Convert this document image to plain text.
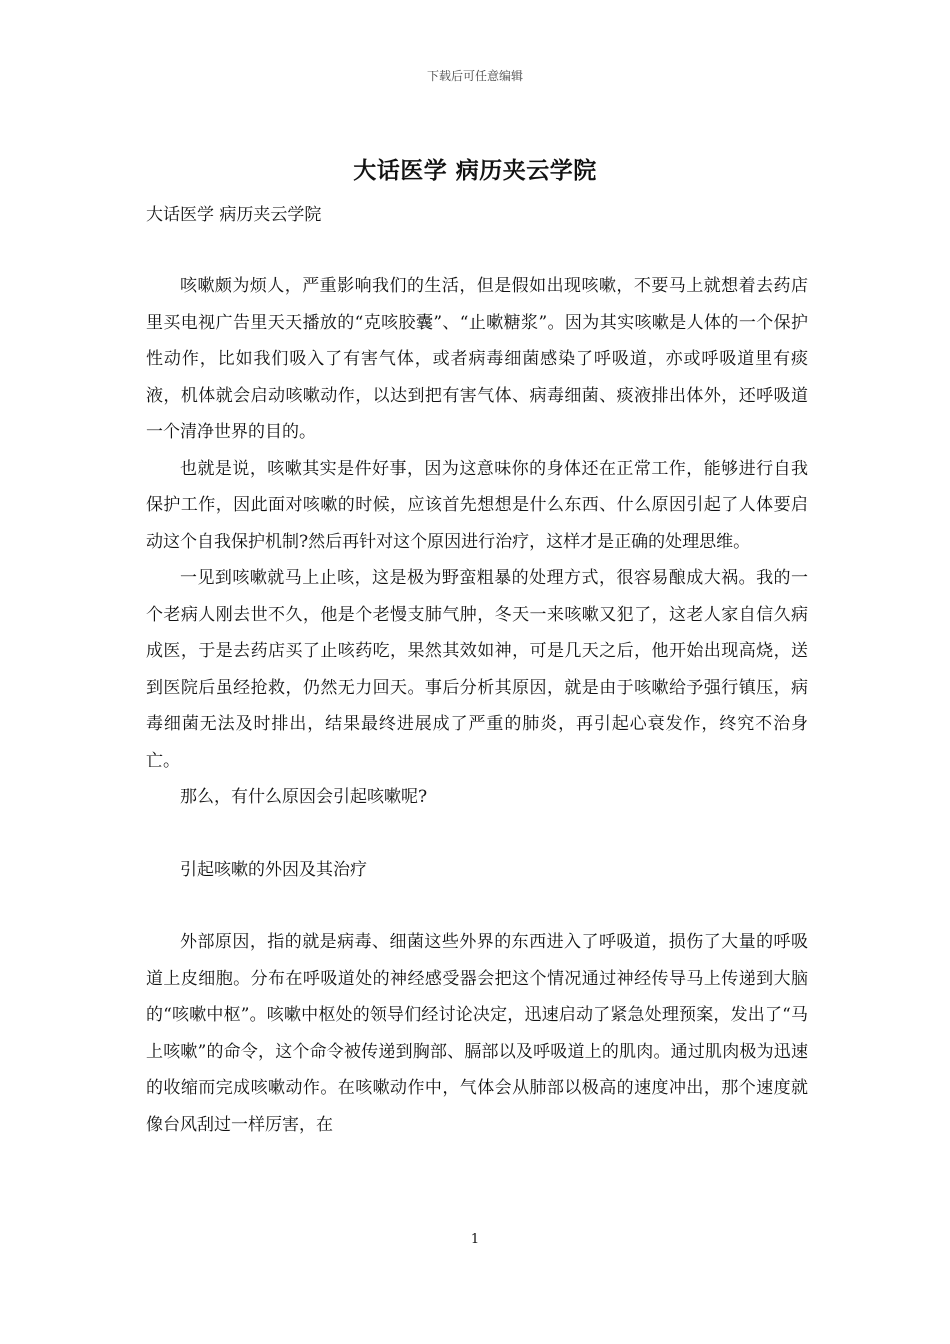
下载后可任意编辑
大话医学 病历夹云学院
大话医学 病历夹云学院

咳嗽颇为烦人，严重影响我们的生活，但是假如出现咳嗽，不要马上就想着去药店里买电视广告里天天播放的“克咳胶囊”、“止嗽糖浆”。因为其实咳嗽是人体的一个保护性动作，比如我们吸入了有害气体，或者病毒细菌感染了呼吸道，亦或呼吸道里有痰液，机体就会启动咳嗽动作，以达到把有害气体、病毒细菌、痰液排出体外，还呼吸道一个清净世界的目的。

也就是说，咳嗽其实是件好事，因为这意味你的身体还在正常工作，能够进行自我保护工作，因此面对咳嗽的时候，应该首先想想是什么东西、什么原因引起了人体要启动这个自我保护机制?然后再针对这个原因进行治疗，这样才是正确的处理思维。

一见到咳嗽就马上止咳，这是极为野蛮粗暴的处理方式，很容易酿成大祸。我的一个老病人刚去世不久，他是个老慢支肺气肿，冬天一来咳嗽又犯了，这老人家自信久病成医，于是去药店买了止咳药吃，果然其效如神，可是几天之后，他开始出现高烧，送到医院后虽经抢救，仍然无力回天。事后分析其原因，就是由于咳嗽给予强行镇压，病毒细菌无法及时排出，结果最终进展成了严重的肺炎，再引起心衰发作，终究不治身亡。

那么，有什么原因会引起咳嗽呢?

引起咳嗽的外因及其治疗

外部原因，指的就是病毒、细菌这些外界的东西进入了呼吸道，损伤了大量的呼吸道上皮细胞。分布在呼吸道处的神经感受器会把这个情况通过神经传导马上传递到大脑的“咳嗽中枢”。咳嗽中枢处的领导们经讨论决定，迅速启动了紧急处理预案，发出了“马上咳嗽”的命令，这个命令被传递到胸部、膈部以及呼吸道上的肌肉。通过肌肉极为迅速的收缩而完成咳嗽动作。在咳嗽动作中，气体会从肺部以极高的速度冲出，那个速度就像台风刮过一样厉害，在

1
